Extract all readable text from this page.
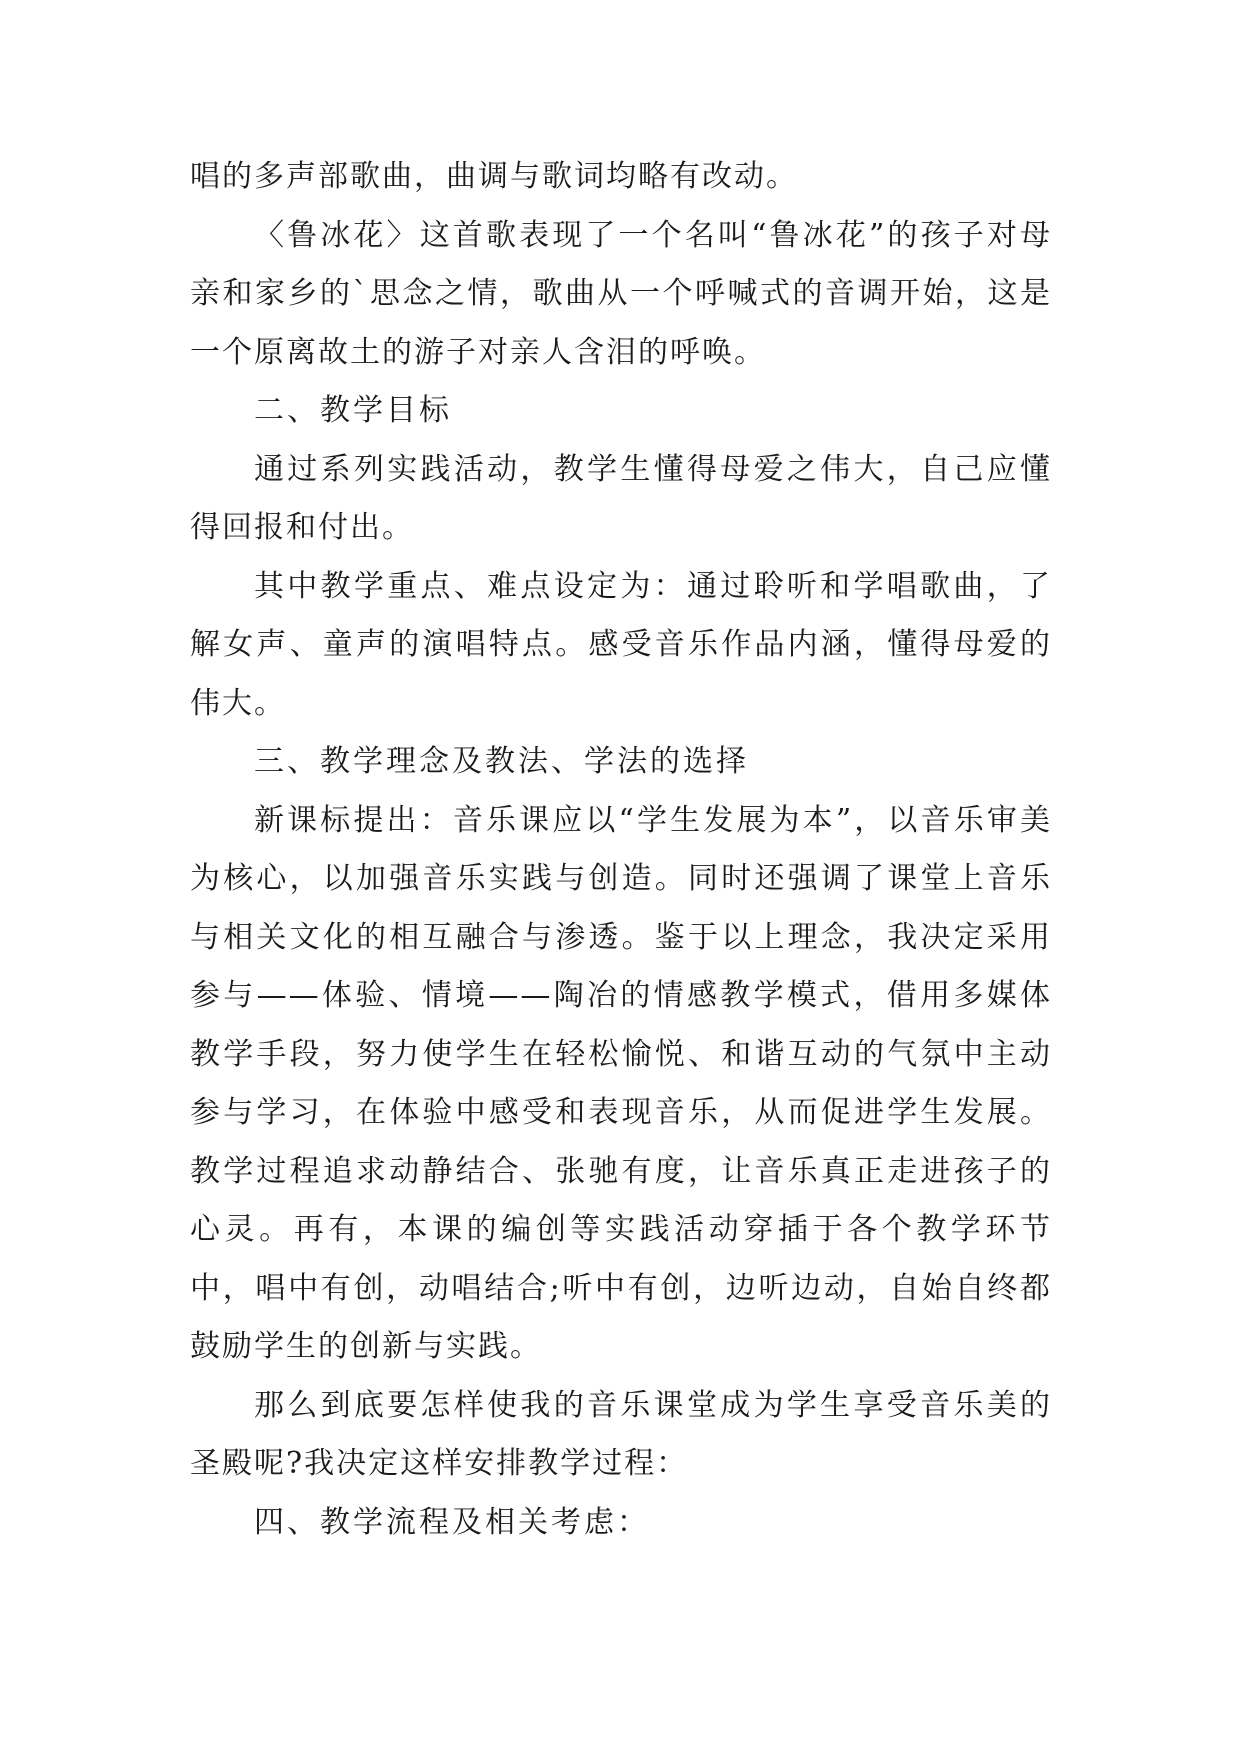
唱的多声部歌曲，曲调与歌词均略有改动。

〈鲁冰花〉这首歌表现了一个名叫“鲁冰花”的孩子对母亲和家乡的`思念之情，歌曲从一个呼喊式的音调开始，这是一个原离故土的游子对亲人含泪的呼唤。

二、教学目标

通过系列实践活动，教学生懂得母爱之伟大，自己应懂得回报和付出。

其中教学重点、难点设定为：通过聆听和学唱歌曲，了解女声、童声的演唱特点。感受音乐作品内涵，懂得母爱的伟大。

三、教学理念及教法、学法的选择

新课标提出：音乐课应以“学生发展为本”，以音乐审美为核心，以加强音乐实践与创造。同时还强调了课堂上音乐与相关文化的相互融合与渗透。鉴于以上理念，我决定采用参与——体验、情境——陶冶的情感教学模式，借用多媒体教学手段，努力使学生在轻松愉悦、和谐互动的气氛中主动参与学习，在体验中感受和表现音乐，从而促进学生发展。教学过程追求动静结合、张驰有度，让音乐真正走进孩子的心灵。再有，本课的编创等实践活动穿插于各个教学环节中，唱中有创，动唱结合;听中有创，边听边动，自始自终都鼓励学生的创新与实践。

那么到底要怎样使我的音乐课堂成为学生享受音乐美的圣殿呢?我决定这样安排教学过程：

四、教学流程及相关考虑：
